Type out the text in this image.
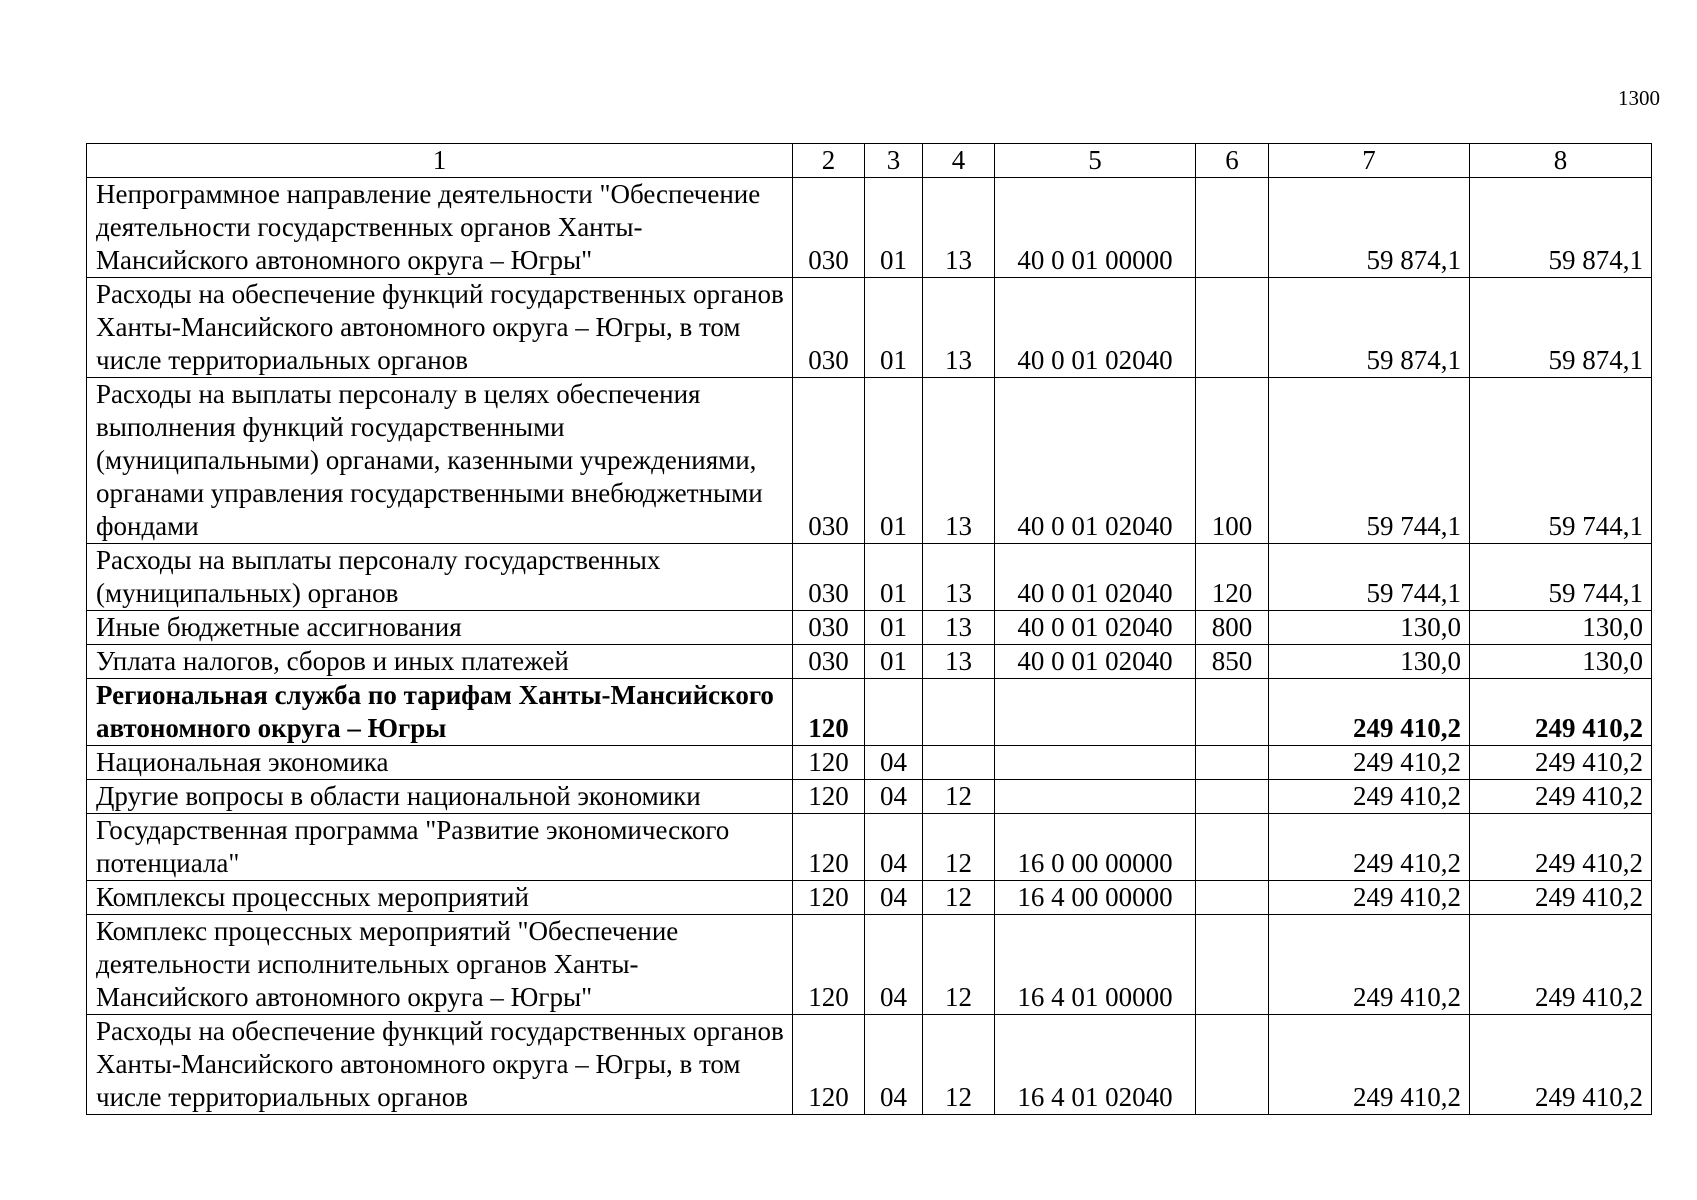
1300
1	2	3	4	5	6	7	8
Непрограммное направление деятельности "Обеспечение деятельности государственных органов Ханты-Мансийского автономного округа – Югры"	030	01	13	40 0 01 00000		59 874,1	59 874,1
Расходы на обеспечение функций государственных органов Ханты-Мансийского автономного округа – Югры, в том числе территориальных органов	030	01	13	40 0 01 02040		59 874,1	59 874,1
Расходы на выплаты персоналу в целях обеспечения выполнения функций государственными (муниципальными) органами, казенными учреждениями, органами управления государственными внебюджетными фондами	030	01	13	40 0 01 02040	100	59 744,1	59 744,1
Расходы на выплаты персоналу государственных (муниципальных) органов	030	01	13	40 0 01 02040	120	59 744,1	59 744,1
Иные бюджетные ассигнования	030	01	13	40 0 01 02040	800	130,0	130,0
Уплата налогов, сборов и иных платежей	030	01	13	40 0 01 02040	850	130,0	130,0
Региональная служба по тарифам Ханты-Мансийского автономного округа – Югры	120					249 410,2	249 410,2
Национальная экономика	120	04				249 410,2	249 410,2
Другие вопросы в области национальной экономики	120	04	12			249 410,2	249 410,2
Государственная программа "Развитие экономического потенциала"	120	04	12	16 0 00 00000		249 410,2	249 410,2
Комплексы процессных мероприятий	120	04	12	16 4 00 00000		249 410,2	249 410,2
Комплекс процессных мероприятий "Обеспечение деятельности исполнительных органов Ханты-Мансийского автономного округа – Югры"	120	04	12	16 4 01 00000		249 410,2	249 410,2
Расходы на обеспечение функций государственных органов Ханты-Мансийского автономного округа – Югры, в том числе территориальных органов	120	04	12	16 4 01 02040		249 410,2	249 410,2
